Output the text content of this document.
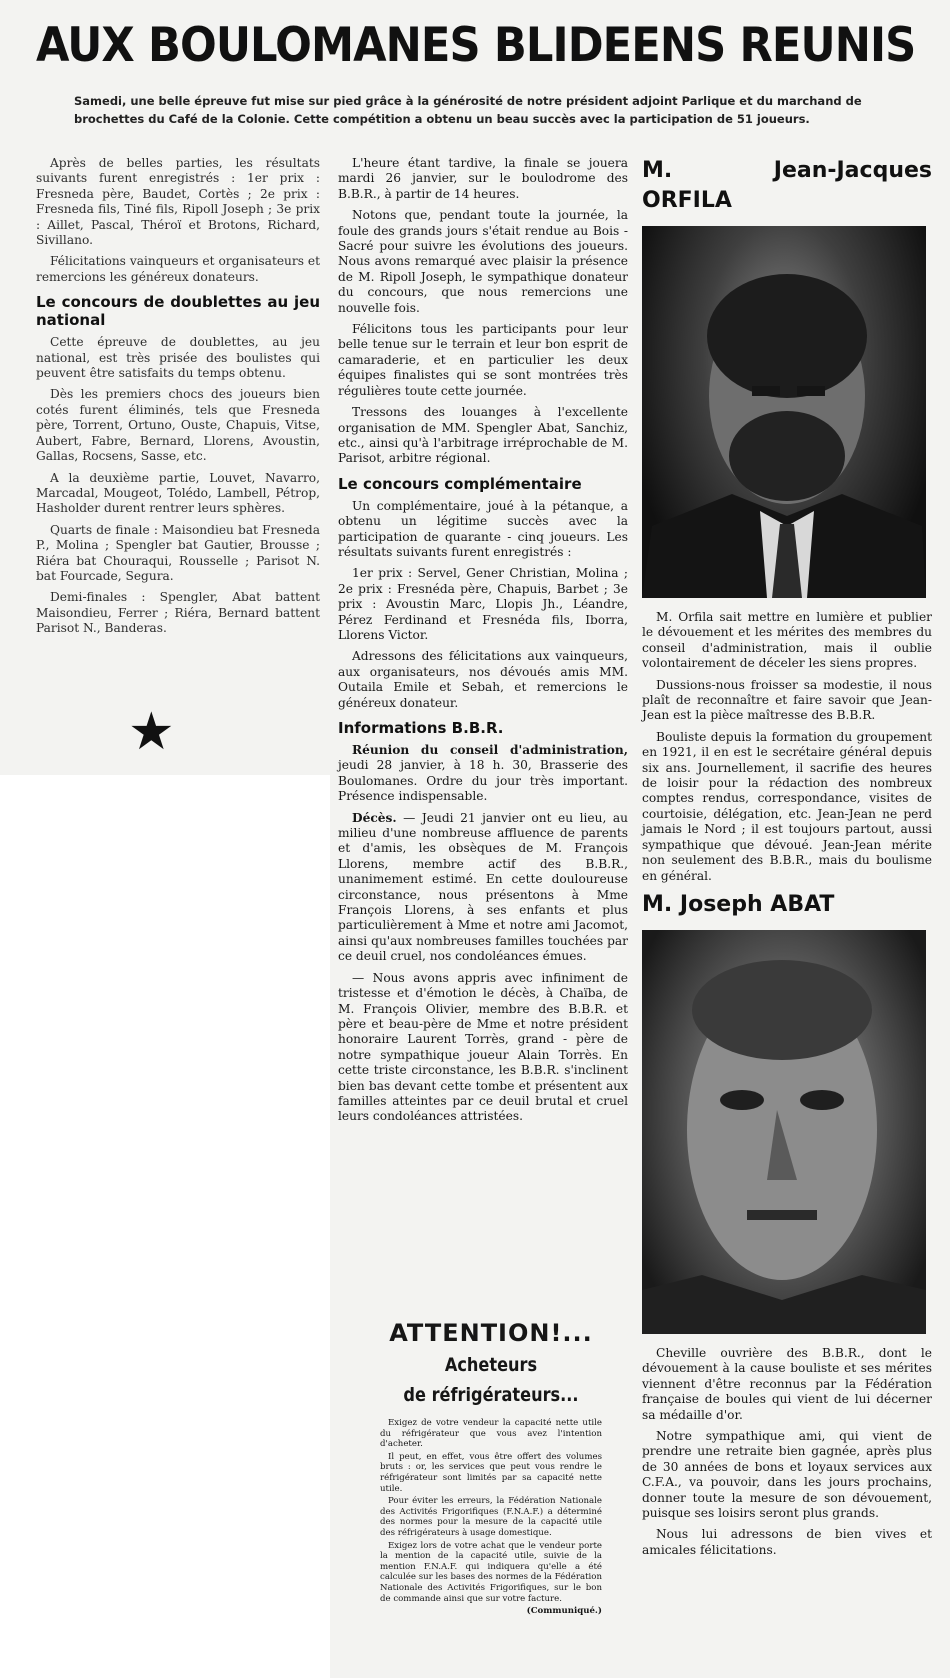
AUX BOULOMANES BLIDEENS REUNIS

Samedi, une belle épreuve fut mise sur pied grâce à la générosité de notre président adjoint Parlique et du marchand de brochettes du Café de la Colonie. Cette compétition a obtenu un beau succès avec la participation de 51 joueurs.

Après de belles parties, les résultats suivants furent enregistrés : 1er prix : Fresneda père, Baudet, Cortès ; 2e prix : Fresneda fils, Tiné fils, Ripoll Joseph ; 3e prix : Aillet, Pascal, Théroï et Brotons, Richard, Sivillano.

Félicitations vainqueurs et organisateurs et remercions les généreux donateurs.

Le concours de doublettes au jeu national

Cette épreuve de doublettes, au jeu national, est très prisée des boulistes qui peuvent être satisfaits du temps obtenu.

Dès les premiers chocs des joueurs bien cotés furent éliminés, tels que Fresneda père, Torrent, Ortuno, Ouste, Chapuis, Vitse, Aubert, Fabre, Bernard, Llorens, Avoustin, Gallas, Rocsens, Sasse, etc.

A la deuxième partie, Louvet, Navarro, Marcadal, Mougeot, Tolédo, Lambell, Pétrop, Hasholder durent rentrer leurs sphères.

Quarts de finale : Maisondieu bat Fresneda P., Molina ; Spengler bat Gautier, Brousse ; Riéra bat Chouraqui, Rousselle ; Parisot N. bat Fourcade, Segura.

Demi-finales : Spengler, Abat battent Maisondieu, Ferrer ; Riéra, Bernard battent Parisot N., Banderas.

★

L'heure étant tardive, la finale se jouera mardi 26 janvier, sur le boulodrome des B.B.R., à partir de 14 heures.

Notons que, pendant toute la journée, la foule des grands jours s'était rendue au Bois - Sacré pour suivre les évolutions des joueurs. Nous avons remarqué avec plaisir la présence de M. Ripoll Joseph, le sympathique donateur du concours, que nous remercions une nouvelle fois.

Félicitons tous les participants pour leur belle tenue sur le terrain et leur bon esprit de camaraderie, et en particulier les deux équipes finalistes qui se sont montrées très régulières toute cette journée.

Tressons des louanges à l'excellente organisation de MM. Spengler Abat, Sanchiz, etc., ainsi qu'à l'arbitrage irréprochable de M. Parisot, arbitre régional.

Le concours complémentaire

Un complémentaire, joué à la pétanque, a obtenu un légitime succès avec la participation de quarante - cinq joueurs. Les résultats suivants furent enregistrés :

1er prix : Servel, Gener Christian, Molina ; 2e prix : Fresnéda père, Chapuis, Barbet ; 3e prix : Avoustin Marc, Llopis Jh., Léandre, Pérez Ferdinand et Fresnéda fils, Iborra, Llorens Victor.

Adressons des félicitations aux vainqueurs, aux organisateurs, nos dévoués amis MM. Outaila Emile et Sebah, et remercions le généreux donateur.

Informations B.B.R.

Réunion du conseil d'administration, jeudi 28 janvier, à 18 h. 30, Brasserie des Boulomanes. Ordre du jour très important. Présence indispensable.

Décès. — Jeudi 21 janvier ont eu lieu, au milieu d'une nombreuse affluence de parents et d'amis, les obsèques de M. François Llorens, membre actif des B.B.R., unanimement estimé. En cette douloureuse circonstance, nous présentons à Mme François Llorens, à ses enfants et plus particulièrement à Mme et notre ami Jacomot, ainsi qu'aux nombreuses familles touchées par ce deuil cruel, nos condoléances émues.

— Nous avons appris avec infiniment de tristesse et d'émotion le décès, à Chaïba, de M. François Olivier, membre des B.B.R. et père et beau-père de Mme et notre président honoraire Laurent Torrès, grand - père de notre sympathique joueur Alain Torrès. En cette triste circonstance, les B.B.R. s'inclinent bien bas devant cette tombe et présentent aux familles atteintes par ce deuil brutal et cruel leurs condoléances attristées.

M. Jean-Jacques ORFILA

M. Orfila sait mettre en lumière et publier le dévouement et les mérites des membres du conseil d'administration, mais il oublie volontairement de déceler les siens propres.

Dussions-nous froisser sa modestie, il nous plaît de reconnaître et faire savoir que Jean-Jean est la pièce maîtresse des B.B.R.

Bouliste depuis la formation du groupement en 1921, il en est le secrétaire général depuis six ans. Journellement, il sacrifie des heures de loisir pour la rédaction des nombreux comptes rendus, correspondance, visites de courtoisie, délégation, etc. Jean-Jean ne perd jamais le Nord ; il est toujours partout, aussi sympathique que dévoué. Jean-Jean mérite non seulement des B.B.R., mais du boulisme en général.

M. Joseph ABAT

Cheville ouvrière des B.B.R., dont le dévouement à la cause bouliste et ses mérites viennent d'être reconnus par la Fédération française de boules qui vient de lui décerner sa médaille d'or.

Notre sympathique ami, qui vient de prendre une retraite bien gagnée, après plus de 30 années de bons et loyaux services aux C.F.A., va pouvoir, dans les jours prochains, donner toute la mesure de son dévouement, puisque ses loisirs seront plus grands.

Nous lui adressons de bien vives et amicales félicitations.

ATTENTION!...

Acheteurs

de réfrigérateurs...

Exigez de votre vendeur la capacité nette utile du réfrigérateur que vous avez l'intention d'acheter.

Il peut, en effet, vous être offert des volumes bruts : or, les services que peut vous rendre le réfrigérateur sont limités par sa capacité nette utile.

Pour éviter les erreurs, la Fédération Nationale des Activités Frigorifiques (F.N.A.F.) a déterminé des normes pour la mesure de la capacité utile des réfrigérateurs à usage domestique.

Exigez lors de votre achat que le vendeur porte la mention de la capacité utile, suivie de la mention F.N.A.F. qui indiquera qu'elle a été calculée sur les bases des normes de la Fédération Nationale des Activités Frigorifiques, sur le bon de commande ainsi que sur votre facture.

(Communiqué.)
